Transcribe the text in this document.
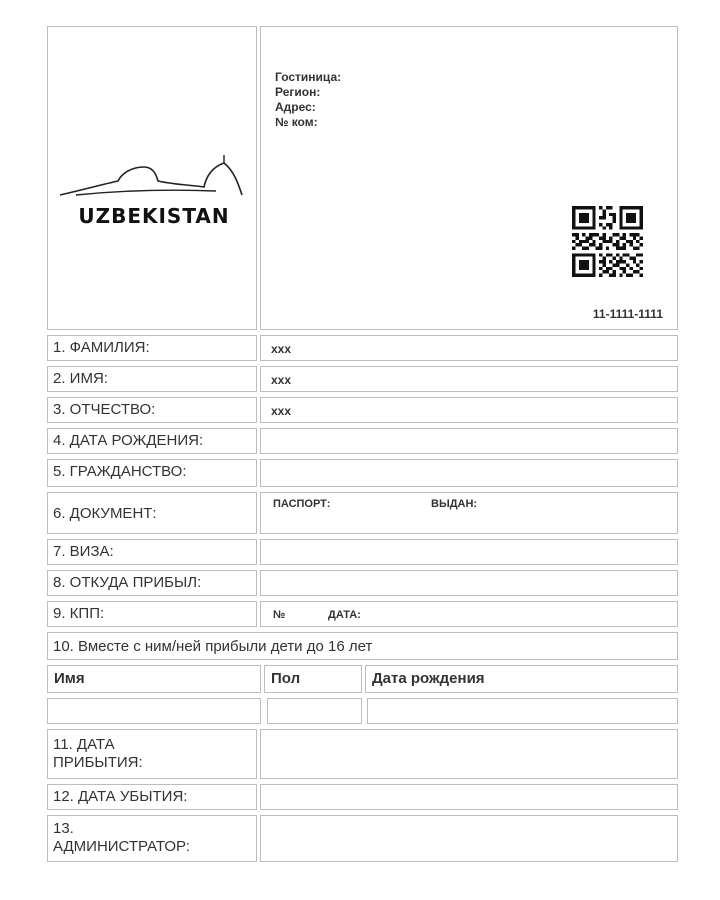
UZBEKISTAN
Гостиница:
Регион:
Адрес:
№ ком:
11-1111-1111
1. ФАМИЛИЯ:	xxx
2. ИМЯ:	xxx
3. ОТЧЕСТВО:	xxx
4. ДАТА РОЖДЕНИЯ:
5. ГРАЖДАНСТВО:
6. ДОКУМЕНТ:
ПАСПОРТ:	ВЫДАН:
7. ВИЗА:
8. ОТКУДА ПРИБЫЛ:
9. КПП:	№	ДАТА:
10. Вместе с ним/ней прибыли дети до 16 лет
Имя	Пол	Дата рождения
11. ДАТА ПРИБЫТИЯ:
12. ДАТА УБЫТИЯ:
13. АДМИНИСТРАТОР:
